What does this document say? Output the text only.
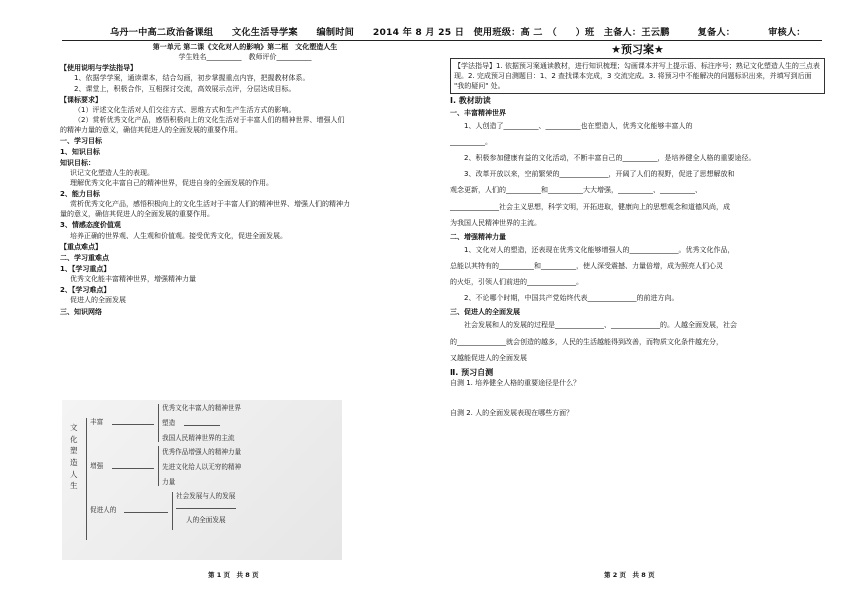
乌丹一中高二政治备课组　　文化生活导学案　　编制时间　　2014 年 8 月 25 日　使用班级：高 二　（　　）班　主备人：王云鹏　　　复备人：　　　　审核人：
第一单元 第二课《文化对人的影响》第二框　文化塑造人生
学生姓名__________　教师评价__________
【使用说明与学法指导】
1、依据学学案，通读课本，结合勾画，初步掌握重点内容，把握教材体系。
2、课堂上，积极合作，互相探讨交流，高效展示点评，分层达成目标。
【课标要求】
（1）评述文化生活对人们交往方式、思维方式和生产生活方式的影响。
（2）赏析优秀文化产品，感悟积极向上的文化生活对于丰富人们的精神世界、增强人们
的精神力量的意义，确信其促进人的全面发展的重要作用。
一、学习目标
1、知识目标
知识目标：
识记文化塑造人生的表现。
理解优秀文化丰富自己的精神世界，促进自身的全面发展的作用。
2、能力目标
赏析优秀文化产品，感悟积极向上的文化生活对于丰富人们的精神世界、增强人们的精神力
量的意义，确信其促进人的全面发展的重要作用。
3、情感态度价值观
培养正确的世界观、人生观和价值观。接受优秀文化，促进全面发展。
【重点难点】
二、学习重难点
1、【学习重点】
优秀文化能丰富精神世界，增强精神力量
2、【学习难点】
促进人的全面发展
三、知识网络
文化塑造人生
丰富
优秀文化丰富人的精神世界
塑造
我国人民精神世界的主流
增强
优秀作品增强人的精神力量
先进文化给人以无穷的精神
力量
促进人的
社会发展与人的发展
人的全面发展
第 1 页　共 8 页
★预习案★
【学法指导】1. 依据预习案通读教材，进行知识梳理；勾画课本并写上提示语、标注序号；熟记文化塑造人生的三点表现。2. 完成预习自测题目：1、2 查找课本完成，3 交流完成。3. 将预习中不能解决的问题标识出来，并填写到后面 "我的疑问" 处。
Ⅰ. 教材助读
一、丰富精神世界
1、人创造了__________、__________也在塑造人，优秀文化能够丰富人的
__________。
2、积极参加健康有益的文化活动，不断丰富自己的__________，是培养健全人格的重要途径。
3、改革开放以来，空前繁荣的______________，开阔了人们的视野，促进了思想解放和
观念更新，人们的__________和__________大大增强，__________、__________、
______________社会主义思想，科学文明，开拓进取，健康向上的思想观念和道德风尚，成
为我国人民精神世界的主流。
二、增强精神力量
1、文化对人的塑造，还表现在优秀文化能够增强人的______________。优秀文化作品，
总能以其特有的__________和__________，使人深受震撼、力量倍增，成为照亮人们心灵
的火炬，引领人们前进的______________。
2、不论哪个时期，中国共产党始终代表______________的前进方向。
三、促进人的全面发展
社会发展和人的发展的过程是______________、______________的。人越全面发展，社会
的______________就会创造的越多，人民的生活越能得到改善，而物质文化条件越充分，
又越能促进人的全面发展
Ⅱ. 预习自测
自测 1. 培养健全人格的重要途径是什么？
自测 2. 人的全面发展表现在哪些方面？
第 2 页　共 8 页
